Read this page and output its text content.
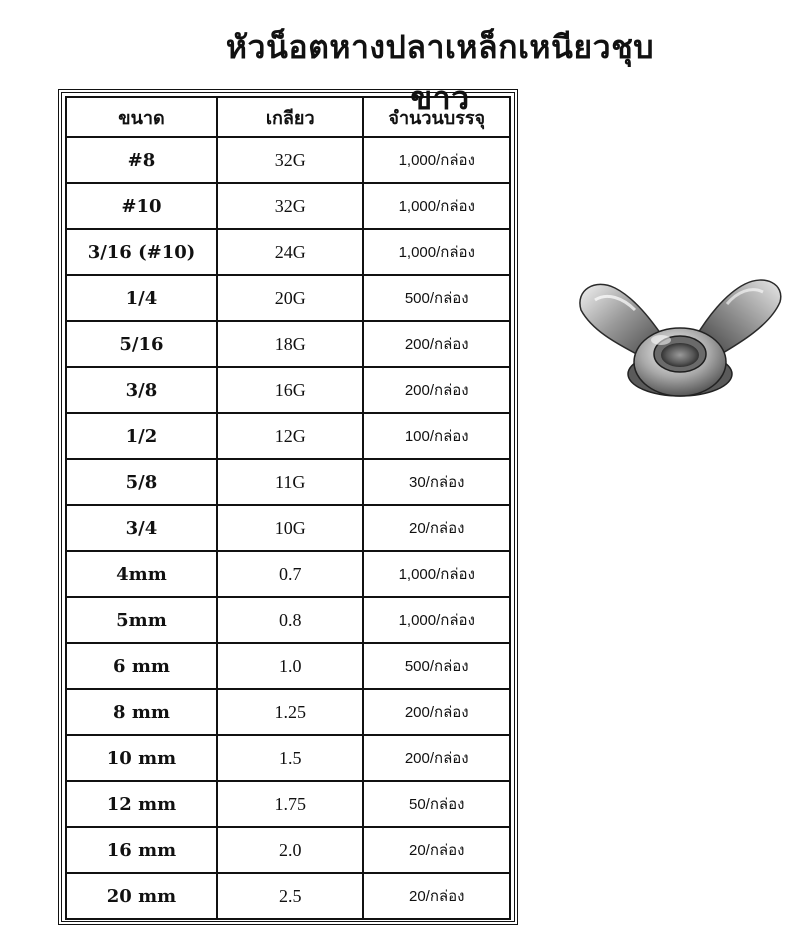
หัวน็อตหางปลาเหล็กเหนียวชุบขาว
ขนาด	เกลียว	จำนวนบรรจุ
#8	32G	1,000/กล่อง
#10	32G	1,000/กล่อง
3/16 (#10)	24G	1,000/กล่อง
1/4	20G	500/กล่อง
5/16	18G	200/กล่อง
3/8	16G	200/กล่อง
1/2	12G	100/กล่อง
5/8	11G	30/กล่อง
3/4	10G	20/กล่อง
4mm	0.7	1,000/กล่อง
5mm	0.8	1,000/กล่อง
6 mm	1.0	500/กล่อง
8 mm	1.25	200/กล่อง
10 mm	1.5	200/กล่อง
12 mm	1.75	50/กล่อง
16 mm	2.0	20/กล่อง
20 mm	2.5	20/กล่อง
